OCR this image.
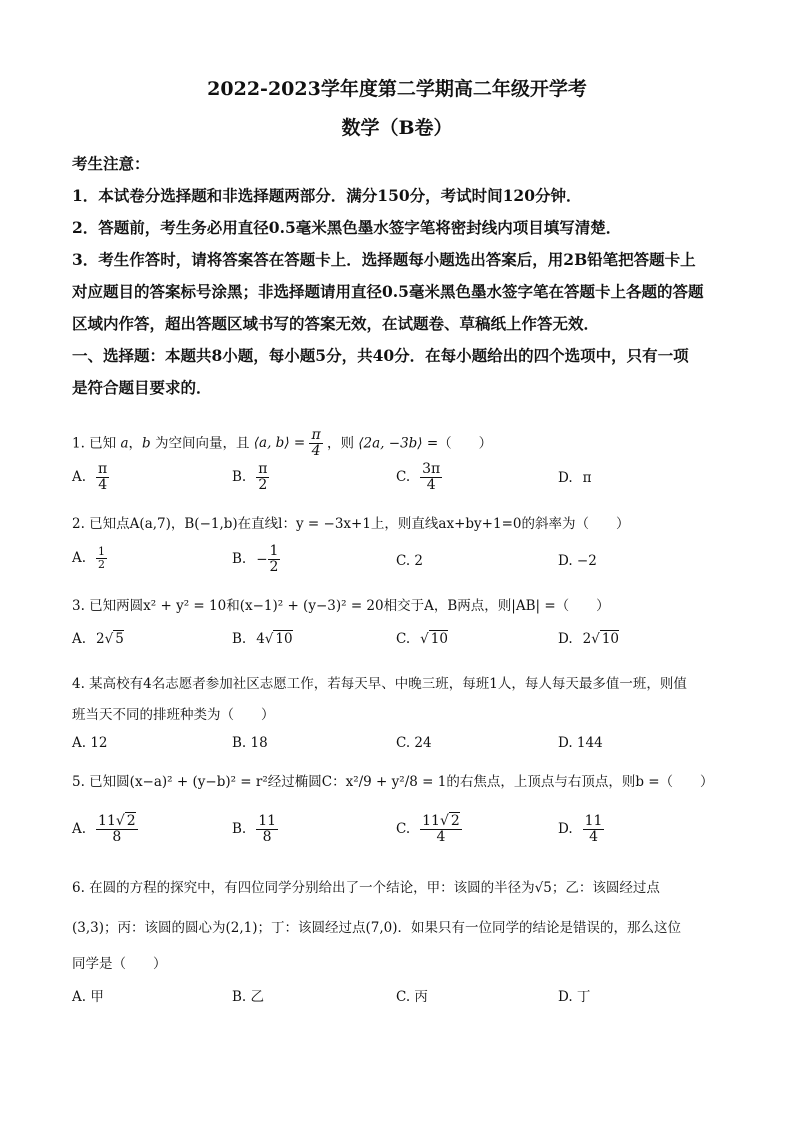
2022-2023学年度第二学期高二年级开学考
数学（B卷）
考生注意：
1．本试卷分选择题和非选择题两部分．满分150分，考试时间120分钟．
2．答题前，考生务必用直径0.5毫米黑色墨水签字笔将密封线内项目填写清楚．
3．考生作答时，请将答案答在答题卡上．选择题每小题选出答案后，用2B铅笔把答题卡上
对应题目的答案标号涂黑；非选择题请用直径0.5毫米黑色墨水签字笔在答题卡上各题的答题
区域内作答，超出答题区域书写的答案无效，在试题卷、草稿纸上作答无效．
一、选择题：本题共8小题，每小题5分，共40分．在每小题给出的四个选项中，只有一项
是符合题目要求的．
1. 已知 a，b 为空间向量，且 ⟨a, b⟩ = $\frac{\pi}{4}$ ，则 ⟨2a, −3b⟩ =（　　）
A. $\frac{\pi}{4}$	B. $\frac{\pi}{2}$	C. $\frac{3\pi}{4}$	D. π
2. 已知点A(a,7)，B(−1,b)在直线l：y = −3x+1上，则直线ax+by+1=0的斜率为（　　）
A. $\frac{1}{2}$	B. − $\frac{1}{2}$	C. 2	D. −2
3. 已知两圆x² + y² = 10和(x−1)² + (y−3)² = 20相交于A，B两点，则|AB| =（　　）
A. 2√ 5	B. 4√ 10	C. √ 10	D. 2√ 10
4. 某高校有4名志愿者参加社区志愿工作，若每天早、中晚三班，每班1人，每人每天最多值一班，则值
班当天不同的排班种类为（　　）
A. 12	B. 18	C. 24	D. 144
5. 已知圆(x−a)² + (y−b)² = r²经过椭圆C：x²/9 + y²/8 = 1的右焦点，上顶点与右顶点，则b =（　　）
A. $\frac{11√ 2}{8}$	B. $\frac{11}{8}$	C. $\frac{11√ 2}{4}$	D. $\frac{11}{4}$
6. 在圆的方程的探究中，有四位同学分别给出了一个结论，甲：该圆的半径为√5；乙：该圆经过点
(3,3)；丙：该圆的圆心为(2,1)；丁：该圆经过点(7,0)．如果只有一位同学的结论是错误的，那么这位
同学是（　　）
A. 甲	B. 乙	C. 丙	D. 丁
